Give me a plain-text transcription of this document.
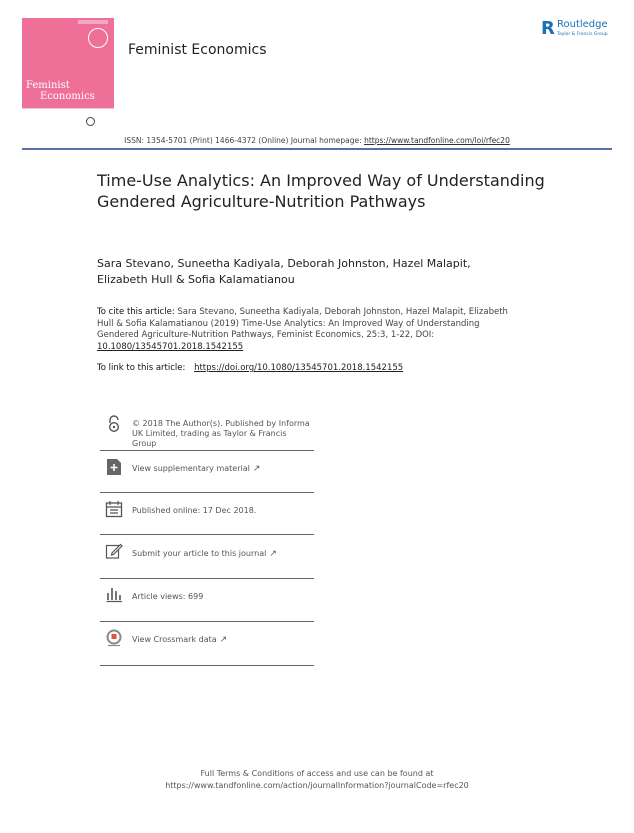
Feminist
Economics
Feminist Economics
R Routledge
Taylor & Francis Group
ISSN: 1354-5701 (Print) 1466-4372 (Online) Journal homepage: https://www.tandfonline.com/loi/rfec20
Time-Use Analytics: An Improved Way of Understanding Gendered Agriculture-Nutrition Pathways
Sara Stevano, Suneetha Kadiyala, Deborah Johnston, Hazel Malapit,
Elizabeth Hull & Sofia Kalamatianou
To cite this article: Sara Stevano, Suneetha Kadiyala, Deborah Johnston, Hazel Malapit, Elizabeth Hull & Sofia Kalamatianou (2019) Time-Use Analytics: An Improved Way of Understanding Gendered Agriculture-Nutrition Pathways, Feminist Economics, 25:3, 1-22, DOI: 10.1080/13545701.2018.1542155
To link to this article: https://doi.org/10.1080/13545701.2018.1542155
© 2018 The Author(s). Published by Informa
UK Limited, trading as Taylor & Francis
Group
View supplementary material ↗
Published online: 17 Dec 2018.
Submit your article to this journal ↗
Article views: 699
View Crossmark data ↗
Full Terms & Conditions of access and use can be found at
https://www.tandfonline.com/action/journalInformation?journalCode=rfec20
